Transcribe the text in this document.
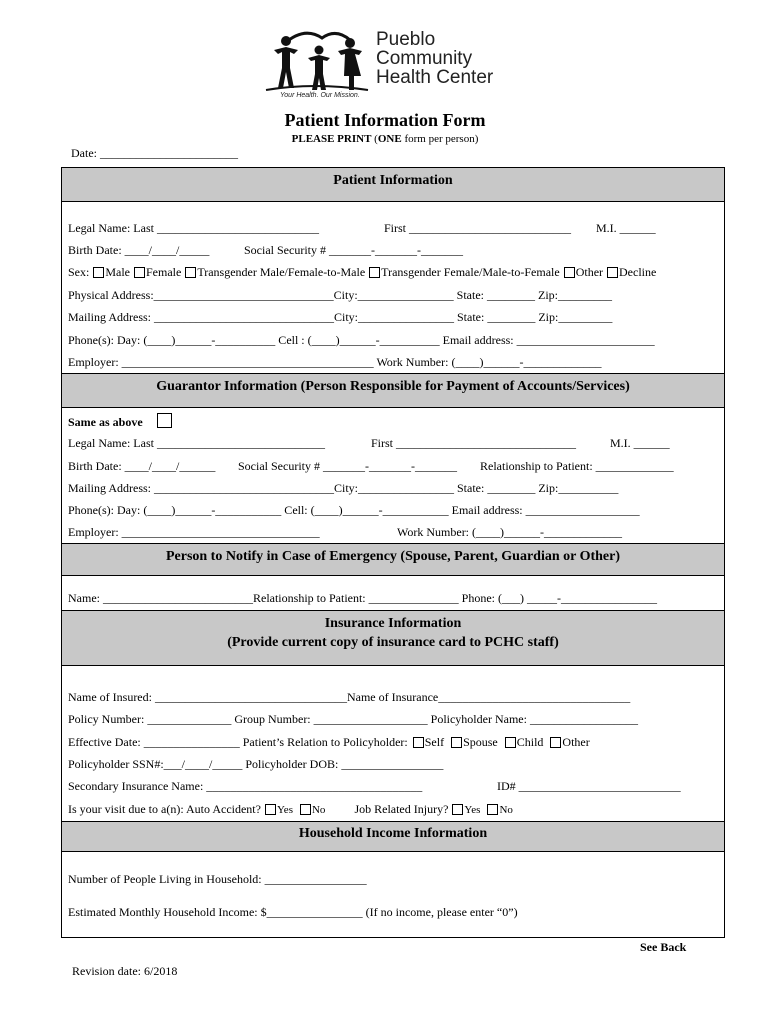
Pueblo
Community
Health Center
Your Health. Our Mission.
Patient Information Form
PLEASE PRINT (ONE form per person)
Date: _______________________
Patient Information
Legal Name: Last ___________________________	First ___________________________ M.I. ______
Birth Date: ____/____/_____	Social Security # _______-_______-_______
Sex: Male Female Transgender Male/Female-to-Male Transgender Female/Male-to-Female Other Decline
Physical Address:______________________________City:________________ State: ________ Zip:_________
Mailing Address: ______________________________City:________________ State: ________ Zip:_________
Phone(s): Day: (____)______-__________ Cell : (____)______-__________ Email address: _______________________
Employer: __________________________________________ Work Number: (____)______-_____________
Guarantor Information (Person Responsible for Payment of Accounts/Services)
Same as above
Legal Name: Last ____________________________	First ______________________________	M.I. ______
Birth Date: ____/____/______ Social Security # _______-_______-_______ Relationship to Patient: _____________
Mailing Address: ______________________________City:________________ State: ________ Zip:__________
Phone(s): Day: (____)______-___________ Cell: (____)______-___________ Email address: ___________________
Employer: _________________________________	Work Number: (____)______-_____________
Person to Notify in Case of Emergency (Spouse, Parent, Guardian or Other)
Name: _________________________Relationship to Patient: _______________ Phone: (___) _____-________________
Insurance Information
(Provide current copy of insurance card to PCHC staff)
Name of Insured: ________________________________Name of Insurance________________________________
Policy Number: ______________ Group Number: ___________________ Policyholder Name: __________________
Effective Date: ________________ Patient’s Relation to Policyholder: Self Spouse Child Other
Policyholder SSN#:___/____/_____ Policyholder DOB: _________________
Secondary Insurance Name: ____________________________________	ID# ___________________________
Is your visit due to a(n): Auto Accident? Yes No Job Related Injury? Yes No
Household Income Information
Number of People Living in Household: _________________
Estimated Monthly Household Income: $________________ (If no income, please enter “0”)
See Back
Revision date: 6/2018
